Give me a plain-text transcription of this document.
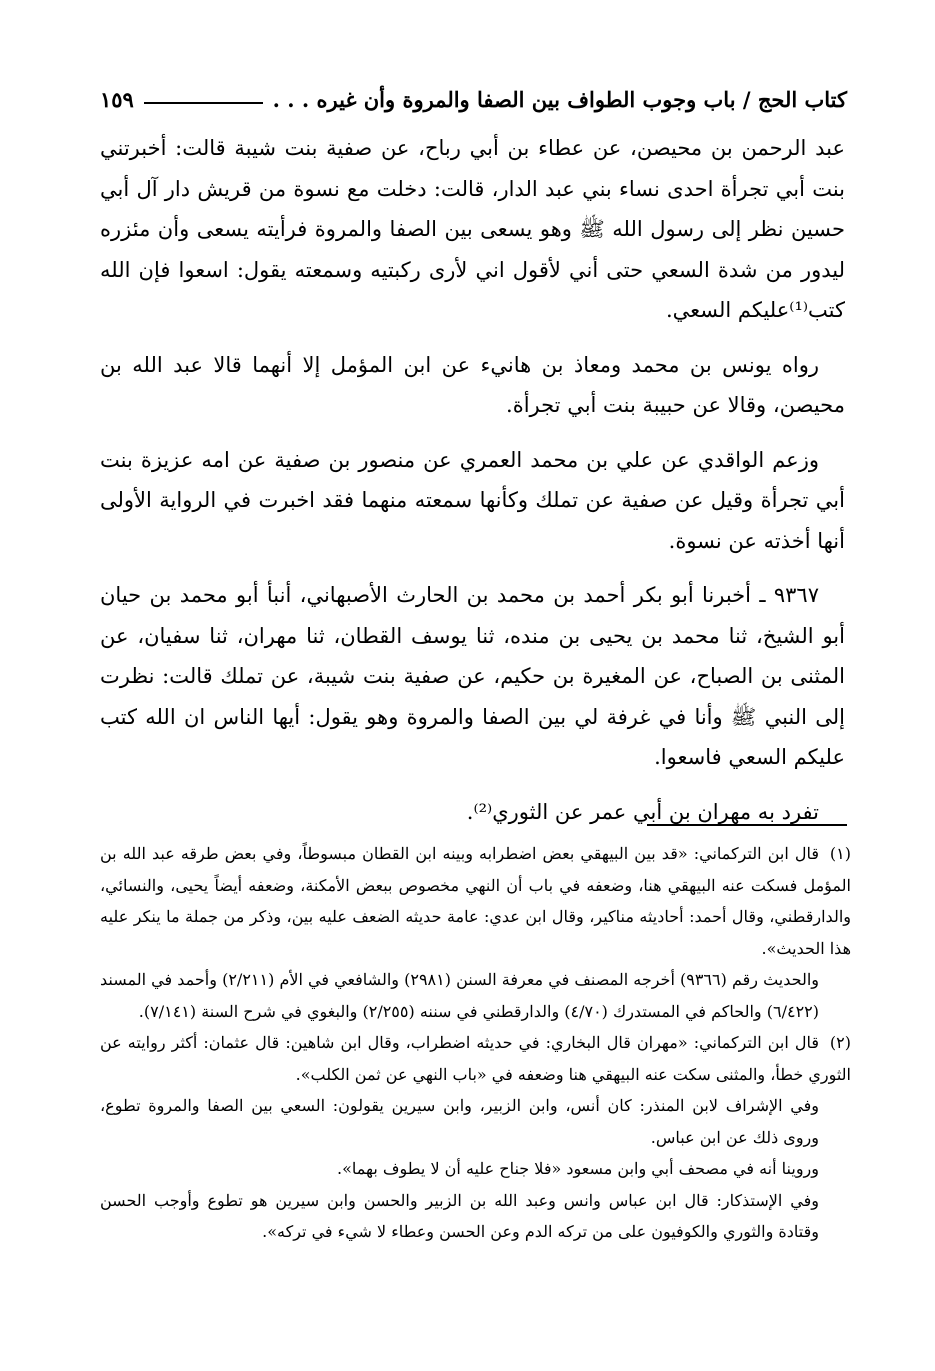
كتاب الحج / باب وجوب الطواف بين الصفا والمروة وأن غيره . . .
١٥٩

عبد الرحمن بن محيصن، عن عطاء بن أبي رباح، عن صفية بنت شيبة قالت: أخبرتني بنت أبي تجرأة احدى نساء بني عبد الدار، قالت: دخلت مع نسوة من قريش دار آل أبي حسين نظر إلى رسول الله ﷺ وهو يسعى بين الصفا والمروة فرأيته يسعى وأن مئزره ليدور من شدة السعي حتى أني لأقول اني لأرى ركبتيه وسمعته يقول: اسعوا فإن الله كتب⁽¹⁾عليكم السعي.

رواه يونس بن محمد ومعاذ بن هانيء عن ابن المؤمل إلا أنهما قالا عبد الله بن محيصن، وقالا عن حبيبة بنت أبي تجرأة.

وزعم الواقدي عن علي بن محمد العمري عن منصور بن صفية عن امه عزيزة بنت أبي تجرأة وقيل عن صفية عن تملك وكأنها سمعته منهما فقد اخبرت في الرواية الأولى أنها أخذته عن نسوة.

٩٣٦٧ ـ أخبرنا أبو بكر أحمد بن محمد بن الحارث الأصبهاني، أنبأ أبو محمد بن حيان أبو الشيخ، ثنا محمد بن يحيى بن منده، ثنا يوسف القطان، ثنا مهران، ثنا سفيان، عن المثنى بن الصباح، عن المغيرة بن حكيم، عن صفية بنت شيبة، عن تملك قالت: نظرت إلى النبي ﷺ وأنا في غرفة لي بين الصفا والمروة وهو يقول: أيها الناس ان الله كتب عليكم السعي فاسعوا.

تفرد به مهران بن أبي عمر عن الثوري⁽²⁾.

(١)قال ابن التركماني: «قد بين البيهقي بعض اضطرابه وبينه ابن القطان مبسوطاً، وفي بعض طرقه عبد الله بن المؤمل فسكت عنه البيهقي هنا، وضعفه في باب أن النهي مخصوص ببعض الأمكنة، وضعفه أيضاً يحيى، والنسائي، والدارقطني، وقال أحمد: أحاديثه مناكير، وقال ابن عدي: عامة حديثه الضعف عليه بين، وذكر من جملة ما ينكر عليه هذا الحديث».

والحديث رقم (٩٣٦٦) أخرجه المصنف في معرفة السنن (٢٩٨١) والشافعي في الأم (٢/٢١١) وأحمد في المسند (٦/٤٢٢) والحاكم في المستدرك (٤/٧٠) والدارقطني في سننه (٢/٢٥٥) والبغوي في شرح السنة (٧/١٤١).

(٢)قال ابن التركماني: «مهران قال البخاري: في حديثه اضطراب، وقال ابن شاهين: قال عثمان: أكثر روايته عن الثوري خطأ، والمثنى سكت عنه البيهقي هنا وضعفه في «باب النهي عن ثمن الكلب».

وفي الإشراف لابن المنذر: كان أنس، وابن الزبير، وابن سيرين يقولون: السعي بين الصفا والمروة تطوع، وروى ذلك عن ابن عباس.

وروينا أنه في مصحف أبي وابن مسعود «فلا جناح عليه أن لا يطوف بهما».

وفي الإستذكار: قال ابن عباس وانس وعبد الله بن الزبير والحسن وابن سيرين هو تطوع وأوجب الحسن وقتادة والثوري والكوفيون على من تركه الدم وعن الحسن وعطاء لا شيء في تركه».
